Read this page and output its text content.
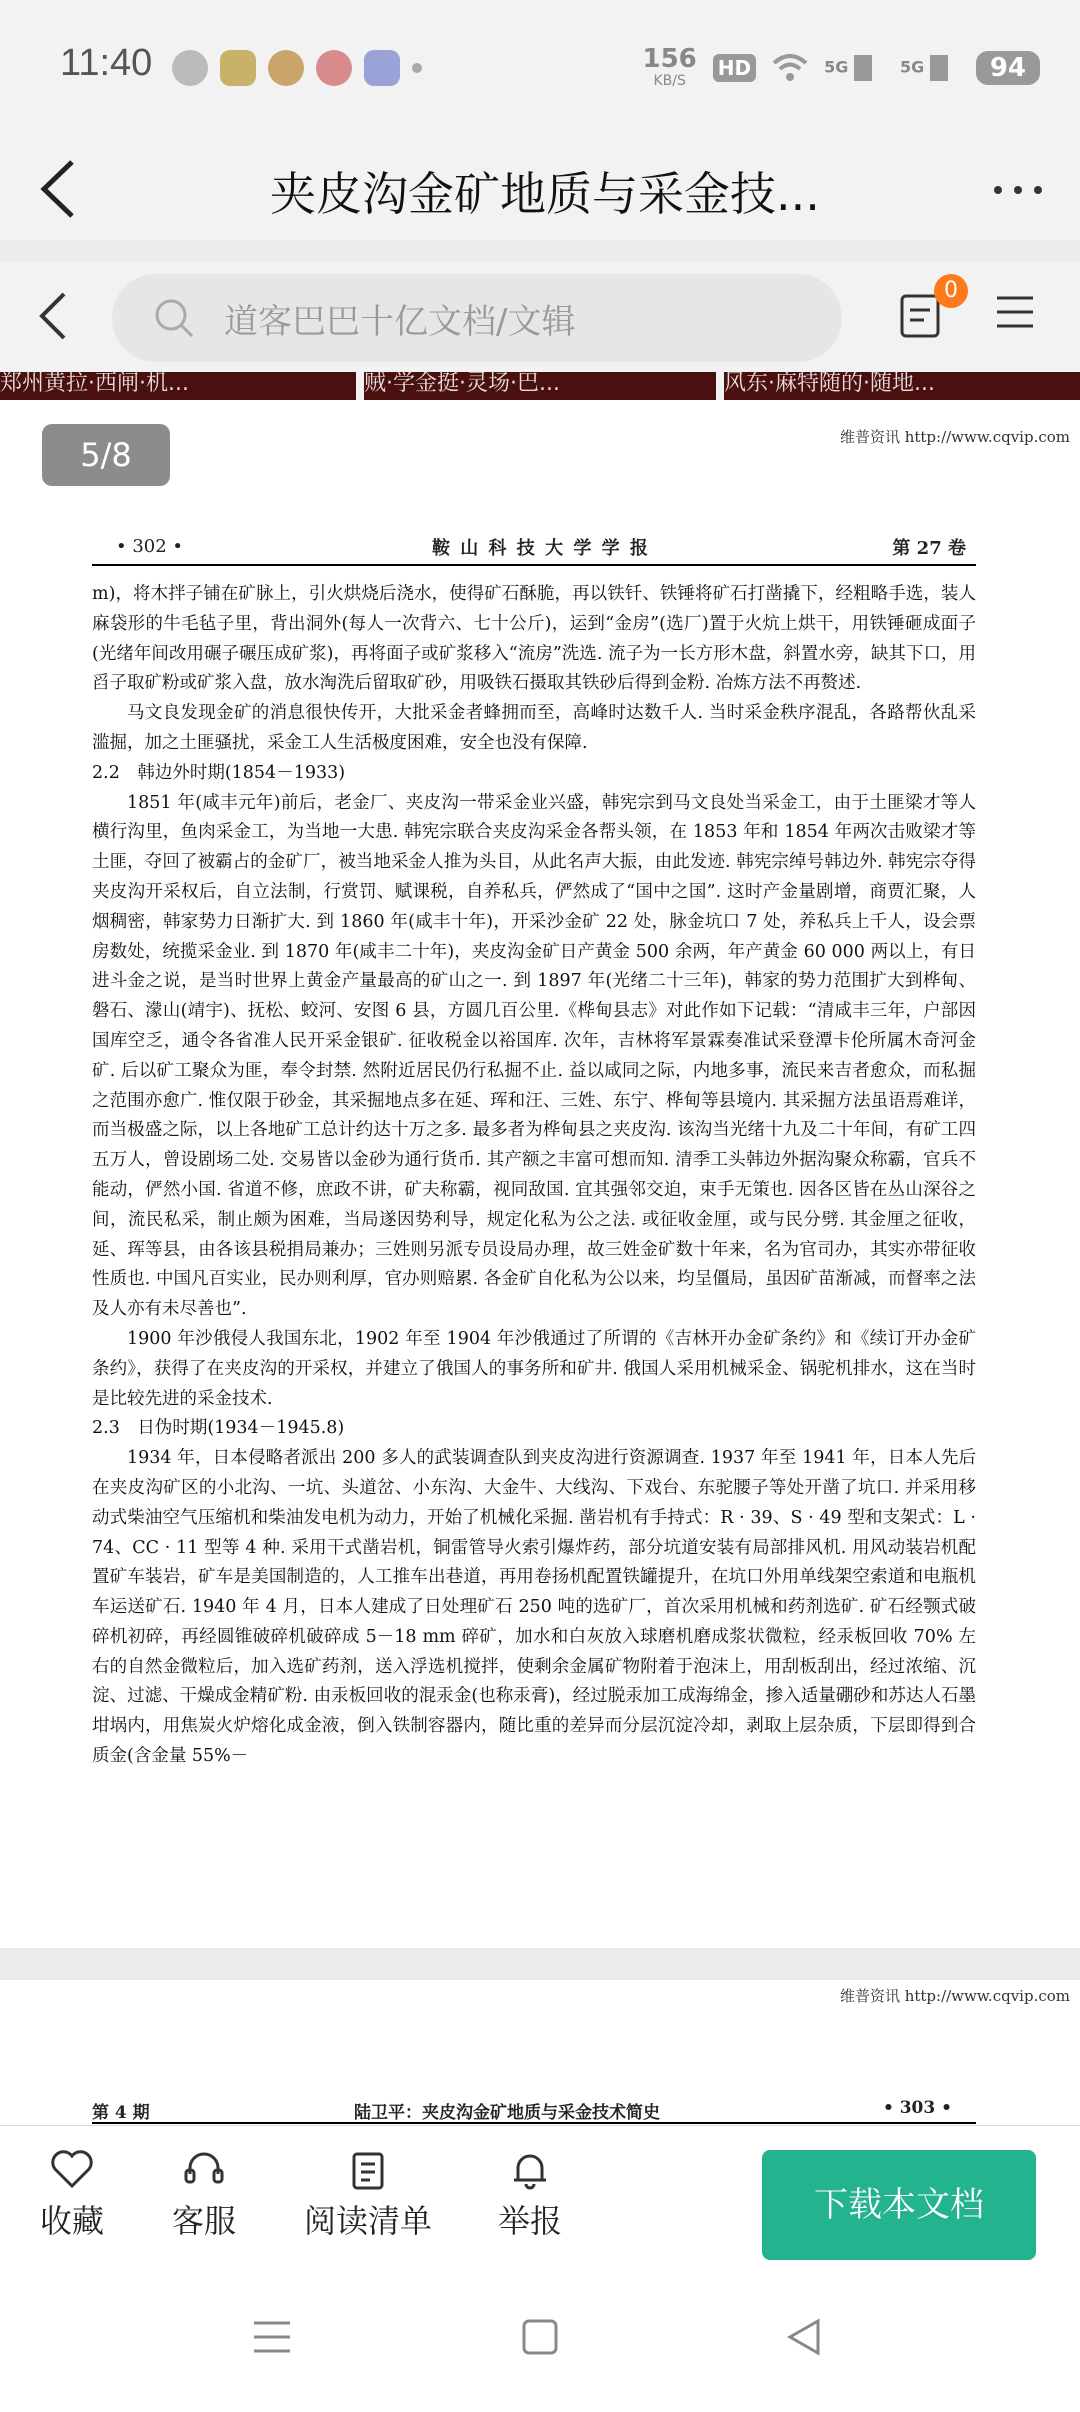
11:40	156
KB/S
HD	5G	5G	94
夹皮沟金矿地质与采金技...
道客巴巴十亿文档/文辑
0
郑州黄拉·西闸·机...	贼·学金挺·灵场·巴...	风东·麻特随的·随地...
5/8	维普资讯 http://www.cqvip.com
• 302 •	鞍 山 科 技 大 学 学 报	第 27 卷

m)，将木拌子铺在矿脉上，引火烘烧后浇水，使得矿石酥脆，再以铁钎、铁锤将矿石打凿撬下，经粗略手选，装人麻袋形的牛毛毡子里，背出洞外(每人一次背六、七十公斤)，运到“金房”(选厂)置于火炕上烘干，用铁锤砸成面子(光绪年间改用碾子碾压成矿浆)，再将面子或矿浆移入“流房”洗选. 流子为一长方形木盘，斜置水旁，缺其下口，用舀子取矿粉或矿浆入盘，放水淘洗后留取矿砂，用吸铁石摄取其铁砂后得到金粉. 冶炼方法不再赘述.

马文良发现金矿的消息很快传开，大批采金者蜂拥而至，高峰时达数千人. 当时采金秩序混乱，各路帮伙乱采滥掘，加之土匪骚扰，采金工人生活极度困难，安全也没有保障.

2.2　韩边外时期(1854－1933)

1851 年(咸丰元年)前后，老金厂、夹皮沟一带采金业兴盛，韩宪宗到马文良处当采金工，由于土匪梁才等人横行沟里，鱼肉采金工，为当地一大患. 韩宪宗联合夹皮沟采金各帮头领，在 1853 年和 1854 年两次击败梁才等土匪，夺回了被霸占的金矿厂，被当地采金人推为头目，从此名声大振，由此发迹. 韩宪宗绰号韩边外. 韩宪宗夺得夹皮沟开采权后，自立法制，行赏罚、赋课税，自养私兵，俨然成了“国中之国”. 这时产金量剧增，商贾汇聚，人烟稠密，韩家势力日渐扩大. 到 1860 年(咸丰十年)，开采沙金矿 22 处，脉金坑口 7 处，养私兵上千人，设会票房数处，统揽采金业. 到 1870 年(咸丰二十年)，夹皮沟金矿日产黄金 500 余两，年产黄金 60 000 两以上，有日进斗金之说，是当时世界上黄金产量最高的矿山之一. 到 1897 年(光绪二十三年)，韩家的势力范围扩大到桦甸、磐石、濛山(靖宇)、抚松、蛟河、安图 6 县，方圆几百公里.《桦甸县志》对此作如下记载：“清咸丰三年，户部因国库空乏，通令各省准人民开采金银矿. 征收税金以裕国库. 次年，吉林将军景霖奏准试采登潭卡伦所属木奇河金矿. 后以矿工聚众为匪，奉令封禁. 然附近居民仍行私掘不止. 益以咸同之际，内地多事，流民来吉者愈众，而私掘之范围亦愈广. 惟仅限于砂金，其采掘地点多在延、珲和汪、三姓、东宁、桦甸等县境内. 其采掘方法虽语焉难详，而当极盛之际，以上各地矿工总计约达十万之多. 最多者为桦甸县之夹皮沟. 该沟当光绪十九及二十年间，有矿工四五万人，曾设剧场二处. 交易皆以金砂为通行货币. 其产额之丰富可想而知. 清季工头韩边外据沟聚众称霸，官兵不能动，俨然小国. 省道不修，庶政不讲，矿夫称霸，视同敌国. 宜其强邻交迫，束手无策也. 因各区皆在丛山深谷之间，流民私采，制止颇为困难，当局遂因势利导，规定化私为公之法. 或征收金厘，或与民分劈. 其金厘之征收，延、珲等县，由各该县税捐局兼办；三姓则另派专员设局办理，故三姓金矿数十年来，名为官司办，其实亦带征收性质也. 中国凡百实业，民办则利厚，官办则赔累. 各金矿自化私为公以来，均呈僵局，虽因矿苗渐减，而督率之法及人亦有未尽善也”.

1900 年沙俄侵人我国东北，1902 年至 1904 年沙俄通过了所谓的《吉林开办金矿条约》和《续订开办金矿条约》，获得了在夹皮沟的开采权，并建立了俄国人的事务所和矿井. 俄国人采用机械采金、锅驼机排水，这在当时是比较先进的采金技术.

2.3　日伪时期(1934－1945.8)

1934 年，日本侵略者派出 200 多人的武装调查队到夹皮沟进行资源调查. 1937 年至 1941 年，日本人先后在夹皮沟矿区的小北沟、一坑、头道岔、小东沟、大金牛、大线沟、下戏台、东驼腰子等处开凿了坑口. 并采用移动式柴油空气压缩机和柴油发电机为动力，开始了机械化采掘. 凿岩机有手持式：R · 39、S · 49 型和支架式：L · 74、CC · 11 型等 4 种. 采用干式凿岩机，铜雷管导火索引爆炸药，部分坑道安装有局部排风机. 用风动装岩机配置矿车装岩，矿车是美国制造的，人工推车出巷道，再用卷扬机配置铁罐提升，在坑口外用单线架空索道和电瓶机车运送矿石. 1940 年 4 月，日本人建成了日处理矿石 250 吨的选矿厂，首次采用机械和药剂选矿. 矿石经颚式破碎机初碎，再经圆锥破碎机破碎成 5－18 mm 碎矿，加水和白灰放入球磨机磨成浆状微粒，经汞板回收 70% 左右的自然金微粒后，加入选矿药剂，送入浮选机搅拌，使剩余金属矿物附着于泡沫上，用刮板刮出，经过浓缩、沉淀、过滤、干燥成金精矿粉. 由汞板回收的混汞金(也称汞膏)，经过脱汞加工成海绵金，掺入适量硼砂和苏达人石墨坩埚内，用焦炭火炉熔化成金液，倒入铁制容器内，随比重的差异而分层沉淀冷却，剥取上层杂质，下层即得到合质金(含金量 55%－

维普资讯 http://www.cqvip.com
第 4 期	陆卫平：夹皮沟金矿地质与采金技术简史	• 303 •
收藏 客服 阅读清单 举报	下载本文档
